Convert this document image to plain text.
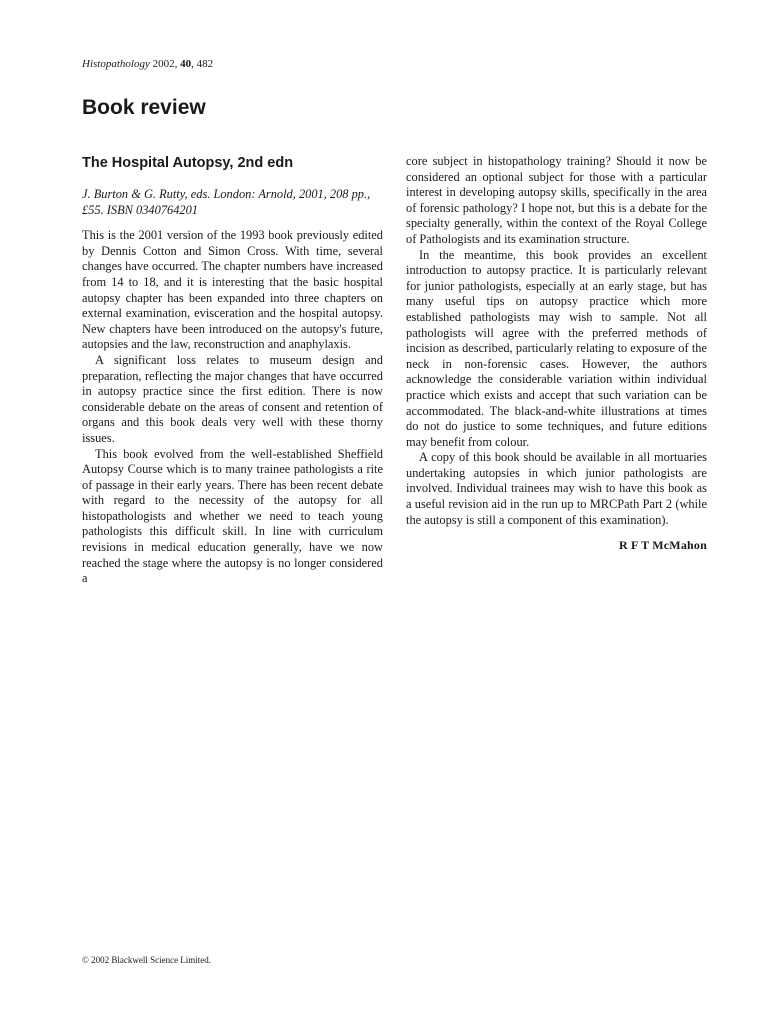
Histopathology 2002, 40, 482
Book review
The Hospital Autopsy, 2nd edn

J. Burton & G. Rutty, eds. London: Arnold, 2001, 208 pp., £55. ISBN 0340764201

This is the 2001 version of the 1993 book previously edited by Dennis Cotton and Simon Cross. With time, several changes have occurred. The chapter numbers have increased from 14 to 18, and it is interesting that the basic hospital autopsy chapter has been expanded into three chapters on external examination, evisceration and the hospital autopsy. New chapters have been introduced on the autopsy's future, autopsies and the law, reconstruction and anaphylaxis.

A significant loss relates to museum design and preparation, reflecting the major changes that have occurred in autopsy practice since the first edition. There is now considerable debate on the areas of consent and retention of organs and this book deals very well with these thorny issues.

This book evolved from the well-established Sheffield Autopsy Course which is to many trainee pathologists a rite of passage in their early years. There has been recent debate with regard to the necessity of the autopsy for all histopathologists and whether we need to teach young pathologists this difficult skill. In line with curriculum revisions in medical education generally, have we now reached the stage where the autopsy is no longer considered a

core subject in histopathology training? Should it now be considered an optional subject for those with a particular interest in developing autopsy skills, specifically in the area of forensic pathology? I hope not, but this is a debate for the specialty generally, within the context of the Royal College of Pathologists and its examination structure.

In the meantime, this book provides an excellent introduction to autopsy practice. It is particularly relevant for junior pathologists, especially at an early stage, but has many useful tips on autopsy practice which more established pathologists may wish to sample. Not all pathologists will agree with the preferred methods of incision as described, particularly relating to exposure of the neck in non-forensic cases. However, the authors acknowledge the considerable variation within individual practice which exists and accept that such variation can be accommodated. The black-and-white illustrations at times do not do justice to some techniques, and future editions may benefit from colour.

A copy of this book should be available in all mortuaries undertaking autopsies in which junior pathologists are involved. Individual trainees may wish to have this book as a useful revision aid in the run up to MRCPath Part 2 (while the autopsy is still a component of this examination).

R F T McMahon

© 2002 Blackwell Science Limited.
